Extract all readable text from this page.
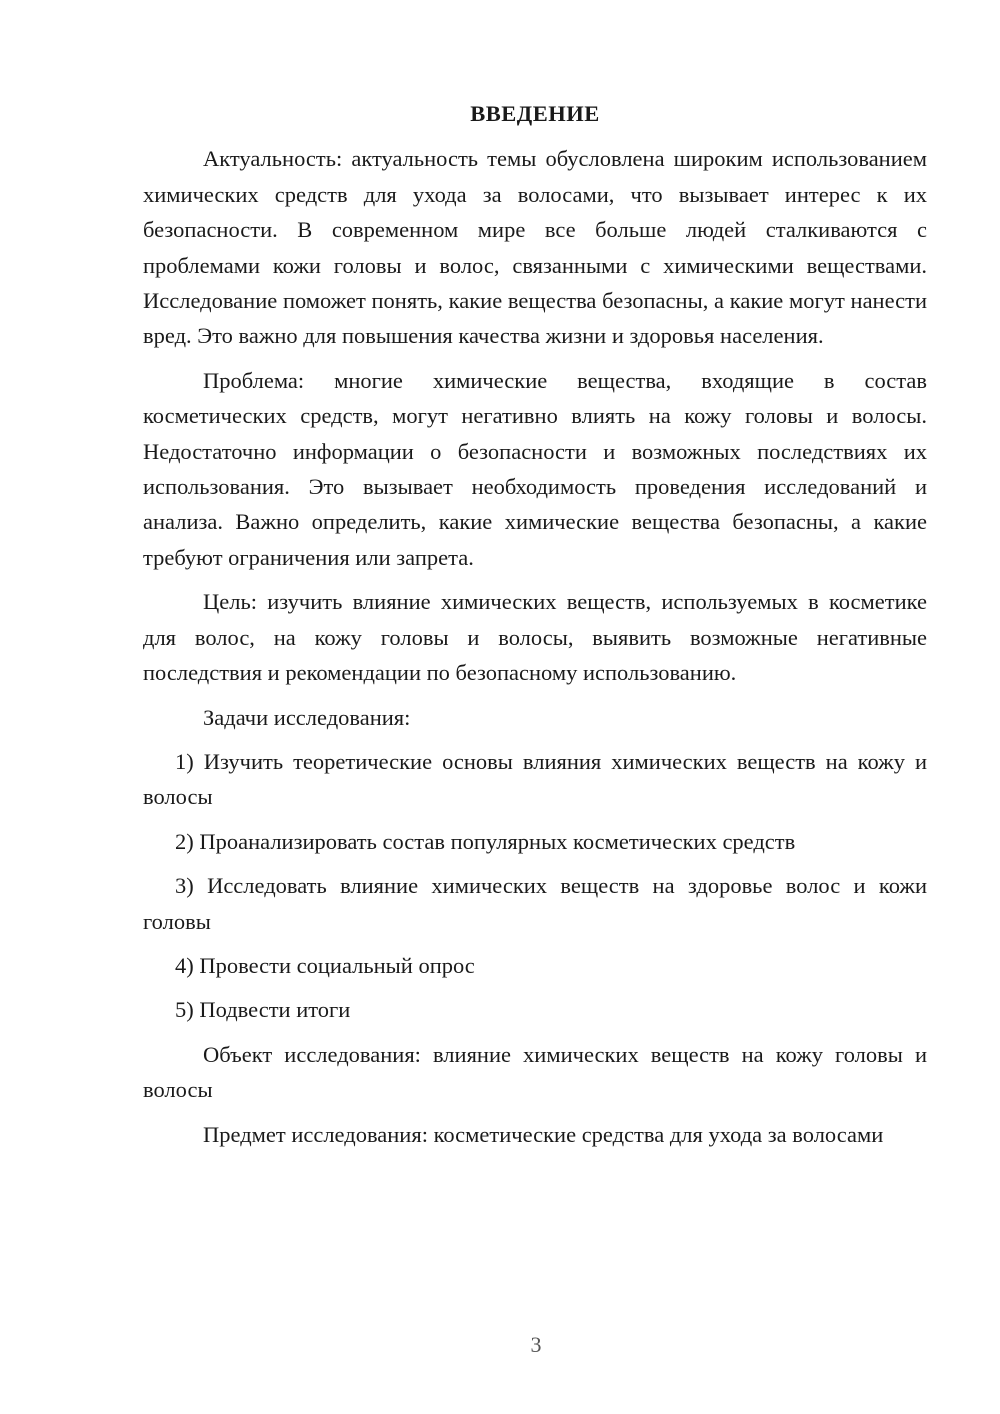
ВВЕДЕНИЕ

Актуальность: актуальность темы обусловлена широким использованием химических средств для ухода за волосами, что вызывает интерес к их безопасности. В современном мире все больше людей сталкиваются с проблемами кожи головы и волос, связанными с химическими веществами. Исследование поможет понять, какие вещества безопасны, а какие могут нанести вред. Это важно для повышения качества жизни и здоровья населения.

Проблема: многие химические вещества, входящие в состав косметических средств, могут негативно влиять на кожу головы и волосы. Недостаточно информации о безопасности и возможных последствиях их использования. Это вызывает необходимость проведения исследований и анализа. Важно определить, какие химические вещества безопасны, а какие требуют ограничения или запрета.

Цель: изучить влияние химических веществ, используемых в косметике для волос, на кожу головы и волосы, выявить возможные негативные последствия и рекомендации по безопасному использованию.

Задачи исследования:

1) Изучить теоретические основы влияния химических веществ на кожу и волосы

2) Проанализировать состав популярных косметических средств

3) Исследовать влияние химических веществ на здоровье волос и кожи головы

4) Провести социальный опрос

5) Подвести итоги

Объект исследования: влияние химических веществ на кожу головы и волосы

Предмет исследования: косметические средства для ухода за волосами

3
